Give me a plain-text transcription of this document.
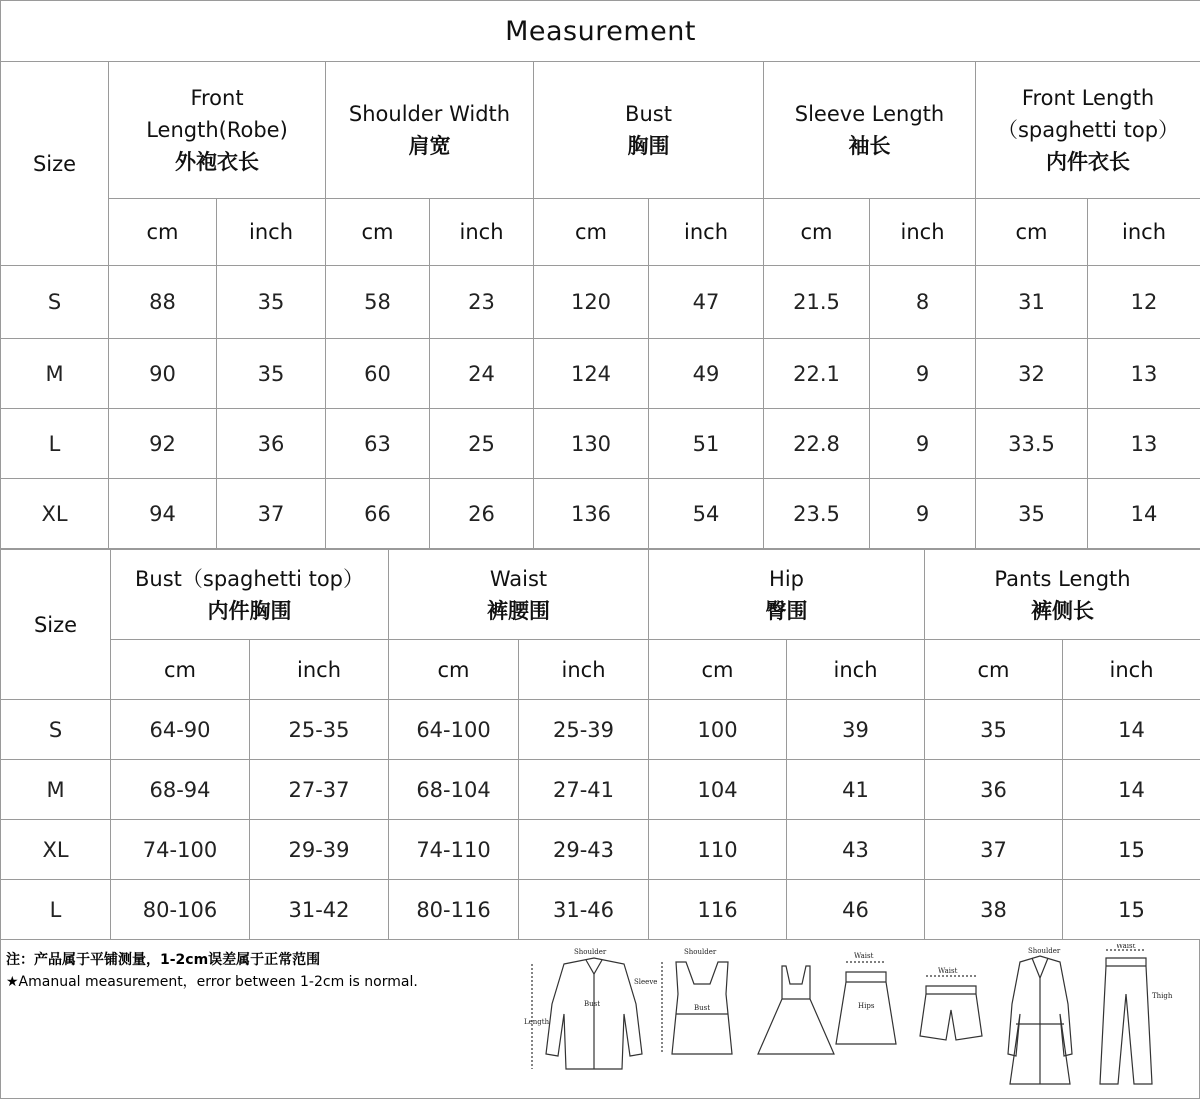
Measurement										
Size	Front
Length(Robe)
外袍衣长		Shoulder Width
肩宽		Bust
胸围		Sleeve Length
袖长		Front Length
（spaghetti top）
内件衣长	

	cm	inch	cm	inch	cm	inch	cm	inch	cm	inch
S	88	35	58	23	120	47	21.5	8	31	12
M	90	35	60	24	124	49	22.1	9	32	13
L	92	36	63	25	130	51	22.8	9	33.5	13
XL	94	37	66	26	136	54	23.5	9	35	14
Size	Bust（spaghetti top）
内件胸围		Waist
裤腰围		Hip
臀围		Pants Length
裤侧长	

	cm	inch	cm	inch	cm	inch	cm	inch
S	64-90	25-35	64-100	25-39	100	39	35	14
M	68-94	27-37	68-104	27-41	104	41	36	14
XL	74-100	29-39	74-110	29-43	110	43	37	15
L	80-106	31-42	80-116	31-46	116	46	38	15
注：产品属于平铺测量，1-2cm误差属于正常范围
★Amanual measurement，error between 1-2cm is normal.
Shoulder
Bust
Sleeve
Length
Shoulder
Bust
Waist
Hips
Waist
Shoulder
Waist
Thigh
